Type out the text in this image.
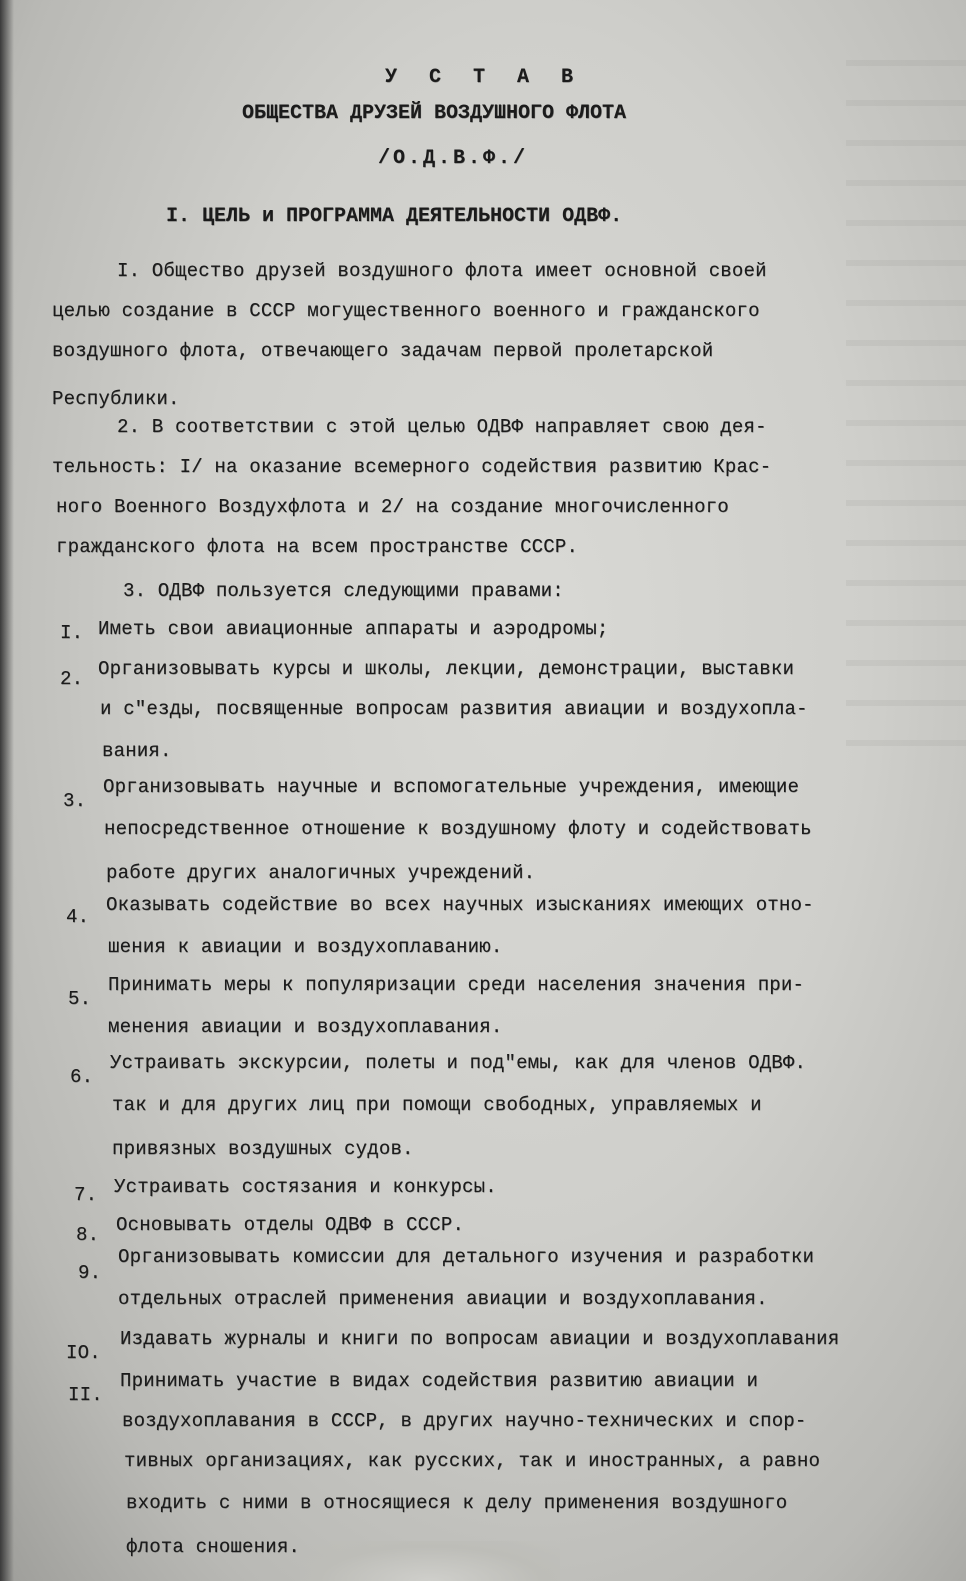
У С Т А В
ОБЩЕСТВА ДРУЗЕЙ ВОЗДУШНОГО ФЛОТА
/О.Д.В.Ф./
I. ЦЕЛЬ и ПРОГРАММА ДЕЯТЕЛЬНОСТИ ОДВФ.
I. Общество друзей воздушного флота имеет основной своей
целью создание в СССР могущественного военного и гражданского
воздушного флота, отвечающего задачам первой пролетарской
Республики.
2. В соответствии с этой целью ОДВФ направляет свою дея-
тельность: I/ на оказание всемерного содействия развитию Крас-
ного Военного Воздухфлота и 2/ на создание многочисленного
гражданского флота на всем пространстве СССР.
3. ОДВФ пользуется следующими правами:
I. Иметь свои авиационные аппараты и аэродромы;
2. Организовывать курсы и школы, лекции, демонстрации, выставки
и с"езды, посвященные вопросам развития авиации и воздухопла-
вания.
3.
Организовывать научные и вспомогательные учреждения, имеющие
непосредственное отношение к воздушному флоту и содействовать
работе других аналогичных учреждений.
4.
Оказывать содействие во всех научных изысканиях имеющих отно-
шения к авиации и воздухоплаванию.
5.
Принимать меры к популяризации среди населения значения при-
менения авиации и воздухоплавания.
6.
Устраивать экскурсии, полеты и под"емы, как для членов ОДВФ.
так и для других лиц при помощи свободных, управляемых и
привязных воздушных судов.
7. Устраивать состязания и конкурсы.
8. Основывать отделы ОДВФ в СССР.
9.
Организовывать комиссии для детального изучения и разработки
отдельных отраслей применения авиации и воздухоплавания.
IO.
Издавать журналы и книги по вопросам авиации и воздухоплавания
II.
Принимать участие в видах содействия развитию авиации и
воздухоплавания в СССР, в других научно-технических и спор-
тивных организациях, как русских, так и иностранных, а равно
входить с ними в относящиеся к делу применения воздушного
флота сношения.
